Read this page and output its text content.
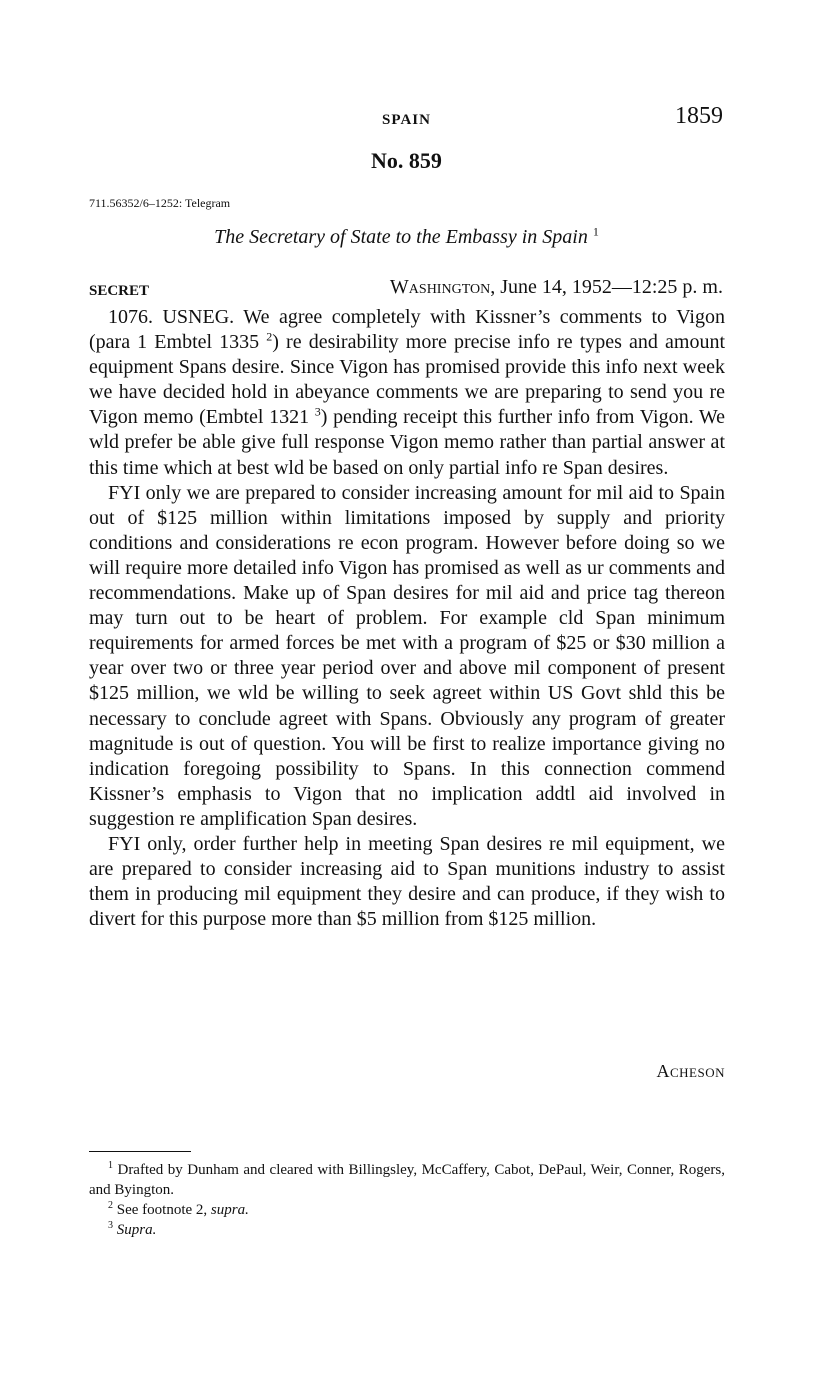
SPAIN	1859
No. 859
711.56352/6–1252: Telegram
The Secretary of State to the Embassy in Spain $^1$
SECRET	Washington, June 14, 1952—12:25 p. m.

1076. USNEG. We agree completely with Kissner’s comments to Vigon (para 1 Embtel 1335 $^2$) re desirability more precise info re types and amount equipment Spans desire. Since Vigon has promised provide this info next week we have decided hold in abeyance comments we are preparing to send you re Vigon memo (Embtel 1321 $^3$) pending receipt this further info from Vigon. We wld prefer be able give full response Vigon memo rather than partial answer at this time which at best wld be based on only partial info re Span desires.

FYI only we are prepared to consider increasing amount for mil aid to Spain out of $125 million within limitations imposed by supply and priority conditions and considerations re econ program. However before doing so we will require more detailed info Vigon has promised as well as ur comments and recommendations. Make up of Span desires for mil aid and price tag thereon may turn out to be heart of problem. For example cld Span minimum requirements for armed forces be met with a program of $25 or $30 million a year over two or three year period over and above mil component of present $125 million, we wld be willing to seek agreet within US Govt shld this be necessary to conclude agreet with Spans. Obviously any program of greater magnitude is out of question. You will be first to realize importance giving no indication foregoing possibility to Spans. In this connection commend Kissner’s emphasis to Vigon that no implication addtl aid involved in suggestion re amplification Span desires.

FYI only, order further help in meeting Span desires re mil equipment, we are prepared to consider increasing aid to Span munitions industry to assist them in producing mil equipment they desire and can produce, if they wish to divert for this purpose more than $5 million from $125 million.

Acheson

$^1$ Drafted by Dunham and cleared with Billingsley, McCaffery, Cabot, DePaul, Weir, Conner, Rogers, and Byington.

$^2$ See footnote 2, supra.

$^3$ Supra.
